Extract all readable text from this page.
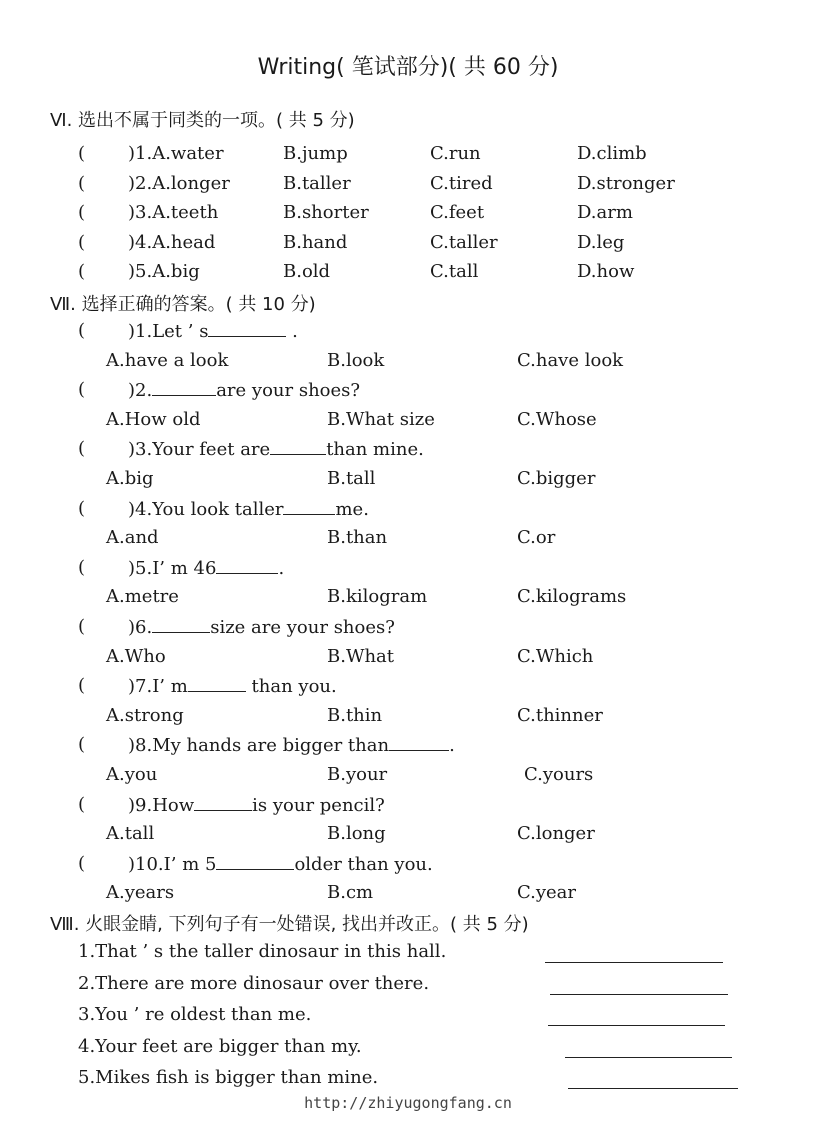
Writing( 笔试部分)( 共 60 分)
Ⅵ. 选出不属于同类的一项。( 共 5 分)
( )1.A.water	B.jump	C.run	D.climb
( )2.A.longer	B.taller	C.tired	D.stronger
( )3.A.teeth	B.shorter	C.feet	D.arm
( )4.A.head	B.hand	C.taller	D.leg
( )5.A.big	B.old	C.tall	D.how
Ⅶ. 选择正确的答案。( 共 10 分)
( )1.Let ’ s	.
A.have a look	B.look	C.have look
( )2.	are your shoes?
A.How old	B.What size	C.Whose
( )3.Your feet are	than mine.
A.big	B.tall	C.bigger
( )4.You look taller	me.
A.and	B.than	C.or
( )5.I’ m 46	.
A.metre	B.kilogram	C.kilograms
( )6.	size are your shoes?
A.Who	B.What	C.Which
( )7.I’ m	than you.
A.strong	B.thin	C.thinner
( )8.My hands are bigger than	.
A.you	B.your	C.yours
( )9.How	is your pencil?
A.tall	B.long	C.longer
( )10.I’ m 5	older than you.
A.years	B.cm	C.year
Ⅷ. 火眼金睛, 下列句子有一处错误, 找出并改正。( 共 5 分)
1.That ’ s the taller dinosaur in this hall.
2.There are more dinosaur over there.
3.You ’ re oldest than me.
4.Your feet are bigger than my.
5.Mikes fish is bigger than mine.
http://zhiyugongfang.cn
